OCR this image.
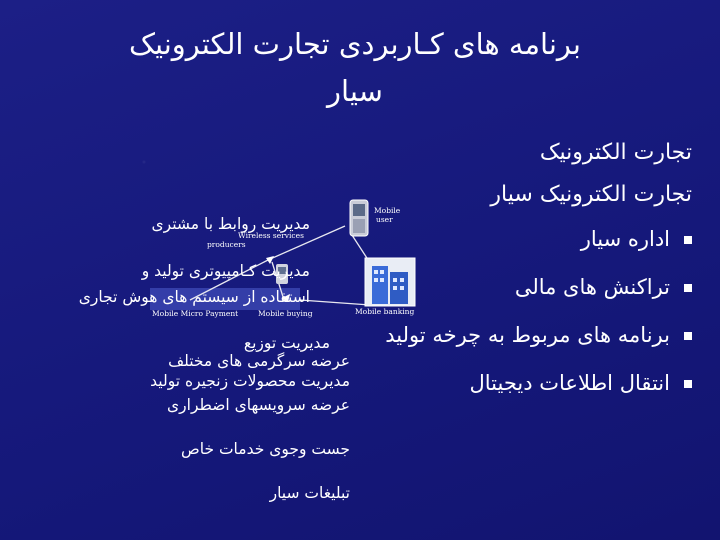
برنامه های کـاربردی تجارت الکترونیک
سیار
تجارت الکترونیک
تجارت الکترونیک سیار
اداره سیار
تراکنش های مالی
برنامه های مربوط به چرخه تولید
انتقال اطلاعات دیجیتال
مدیریت روابط با مشتری
مدیریت کـامپیوتری تولید و
استفاده از سیستم های هوش تجاری
مدیریت توزیع
عرضه سرگرمی های مختلف
مدیریت محصولات زنجیره تولید
عرضه سرویسهای اضطراری
جست وجوی خدمات خاص
تبلیغات سیار
Mobile
user
Wireless services
producers
Mobile Micro Payment	Mobile buying	Mobile banking
